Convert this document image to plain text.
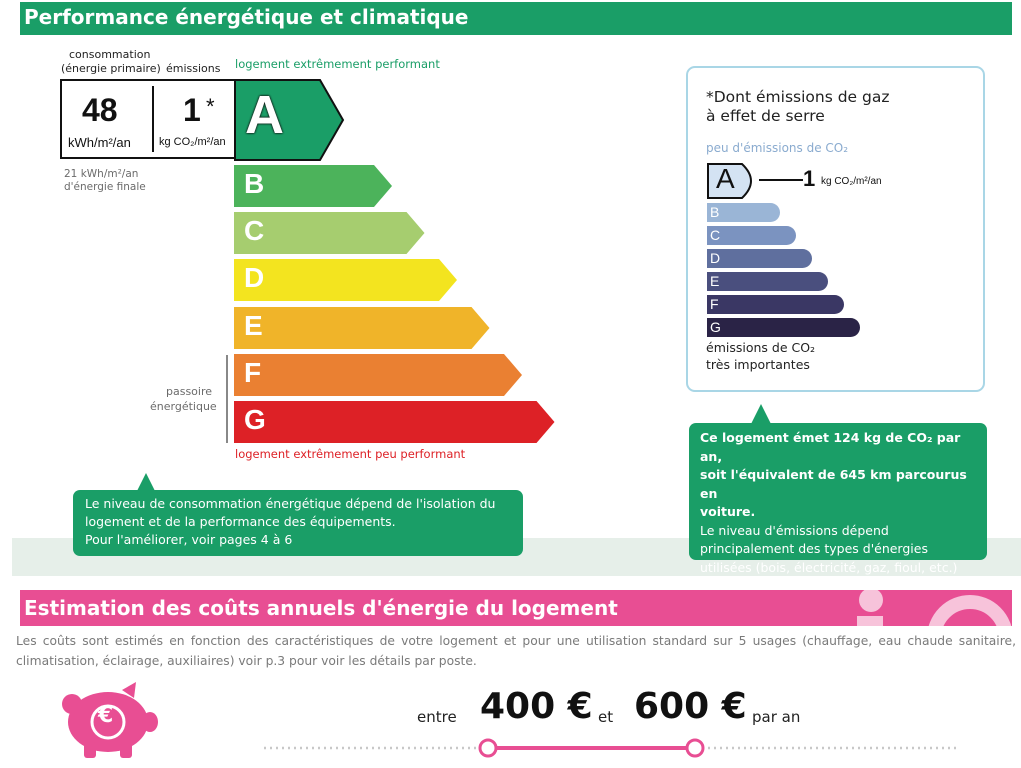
Performance énergétique et climatique
consommation
(énergie primaire) émissions logement extrêmement performant
48
kWh/m²/an
1 *
kg CO₂/m²/an A
21 kWh/m²/an
d'énergie finale	B
C
D
E
F
G
passoire
énergétique
logement extrêmement peu performant
Le niveau de consommation énergétique dépend de l'isolation du
logement et de la performance des équipements.
Pour l'améliorer, voir pages 4 à 6
*Dont émissions de gaz
à effet de serre
peu d'émissions de CO₂
A	1 kg CO₂/m²/an
B
C
D
E
F
G
émissions de CO₂
très importantes
Ce logement émet 124 kg de CO₂ par an,
soit l'équivalent de 645 km parcourus en
voiture.
Le niveau d'émissions dépend
principalement des types d'énergies
utilisées (bois, électricité, gaz, fioul, etc.)
Estimation des coûts annuels d'énergie du logement
Les coûts sont estimés en fonction des caractéristiques de votre logement et pour une utilisation standard sur 5 usages (chauffage, eau chaude sanitaire, climatisation, éclairage, auxiliaires) voir p.3 pour voir les détails par poste.
€	entre 400 € et 600 € par an
